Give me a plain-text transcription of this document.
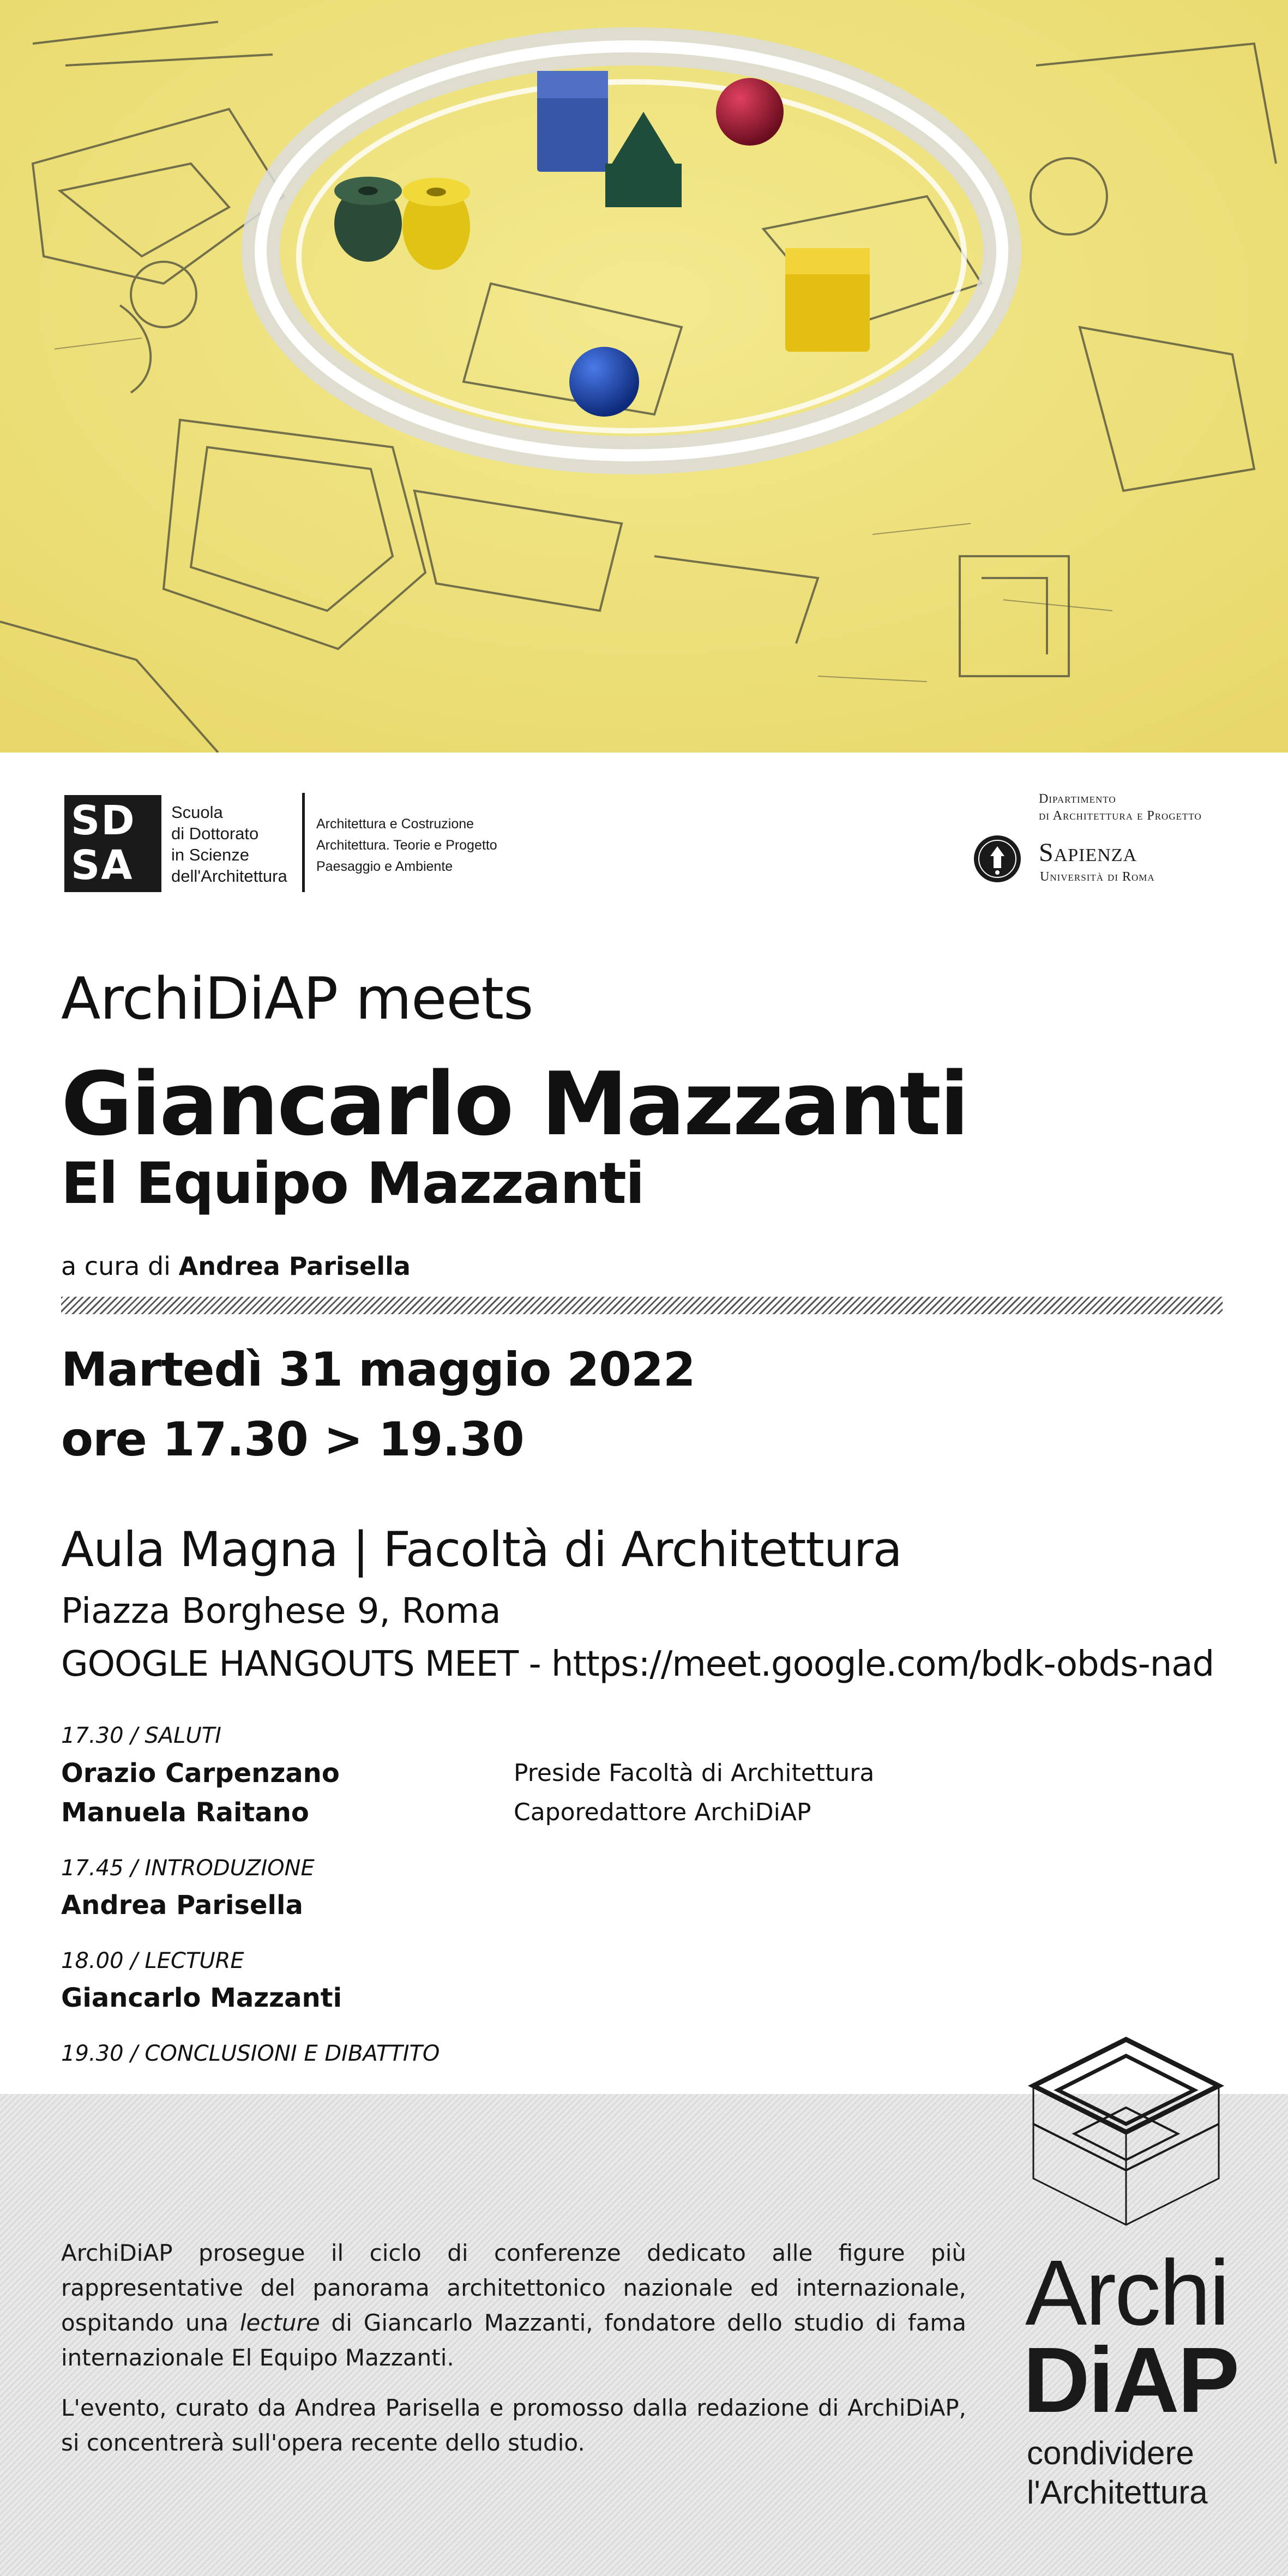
SD
SA
Scuola
di Dottorato
in Scienze
dell'Architettura
Architettura e Costruzione
Architettura. Teorie e Progetto
Paesaggio e Ambiente
Dipartimento
di Architettura e Progetto
Sapienza
Università di Roma
ArchiDiAP meets
Giancarlo Mazzanti
El Equipo Mazzanti
a cura di Andrea Parisella
Martedì 31 maggio 2022
ore 17.30 > 19.30
Aula Magna | Facoltà di Architettura
Piazza Borghese 9, Roma
GOOGLE HANGOUTS MEET - https://meet.google.com/bdk-obds-nad
17.30 / SALUTI
Orazio Carpenzano	Preside Facoltà di Architettura
Manuela Raitano	Caporedattore ArchiDiAP
17.45 / INTRODUZIONE
Andrea Parisella
18.00 / LECTURE
Giancarlo Mazzanti
19.30 / CONCLUSIONI E DIBATTITO

ArchiDiAP prosegue il ciclo di conferenze dedicato alle figure più rappresentative del panorama architettonico nazionale ed internazionale, ospitando una lecture di Giancarlo Mazzanti, fondatore dello studio di fama internazionale El Equipo Mazzanti.

L'evento, curato da Andrea Parisella e promosso dalla redazione di ArchiDiAP, si concentrerà sull'opera recente dello studio.

Archi
DiAP
condividere
l'Architettura
